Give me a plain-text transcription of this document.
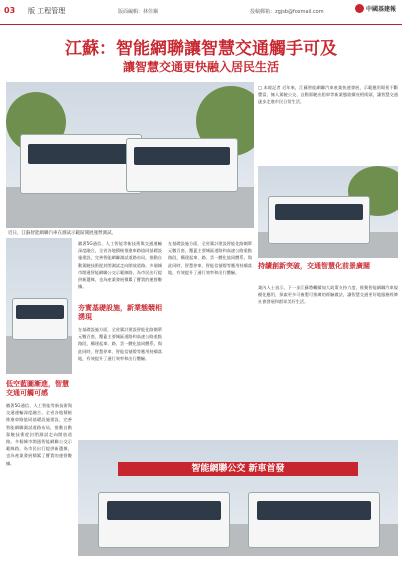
03 版 工程管理	版面編輯：林佳鋼	投稿郵箱：zgjsb@foxmail.com	中國基建報
江蘇：智能網聯讓智慧交通觸手可及
讓智慧交通更快融入居民生活
近日，江蘇智能網聯汽車在測試示範區開展運營測試。
□ 本報記者 近年來，江蘇智能網聯汽車產業快速發展，示範應用場景不斷豐富，無人駕駛公交、自動駕駛出租車等新業態陸續亮相街頭，讓智慧交通逐步走進市民日常生活。
持續創新突破，交通智慧化前景廣闊
業內人士表示，下一步江蘇將繼續加大政策支持力度，推動智能網聯汽車規模化應用，探索更多可複製可推廣的經驗做法，讓智慧交通更好地服務經濟社會發展和群眾美好生活。
低空藍圖漸進，智慧交通可觸可感
隨著5G通信、人工智能等新技術與交通運輸深度融合，全省各地積極推進車路協同基礎設施建設，完善智能網聯測試道路布局，推動自動駕駛技術從封閉測試走向開放道路。多個城市開通智能網聯公交示範線路，為市民出行提供新選擇，也為產業發展積累了寶貴的運營數據。
隨著5G通信、人工智能等新技術與交通運輸深度融合，全省各地積極推進車路協同基礎設施建設，完善智能網聯測試道路布局，推動自動駕駛技術從封閉測試走向開放道路。多個城市開通智能網聯公交示範線路，為市民出行提供新選擇，也為產業發展積累了寶貴的運營數據。
夯實基礎設施，新業態競相湧現
在基礎設施方面，全省累計建設智能化路側單元數百套，覆蓋主要城區道路和高速公路重點路段，構建起車、路、雲一體化協同體系。與此同時，智慧停車、智能信號燈等應用持續落地，有效提升了通行效率和出行體驗。
在基礎設施方面，全省累計建設智能化路側單元數百套，覆蓋主要城區道路和高速公路重點路段，構建起車、路、雲一體化協同體系。與此同時，智慧停車、智能信號燈等應用持續落地，有效提升了通行效率和出行體驗。
智能網聯公交 新車首發
